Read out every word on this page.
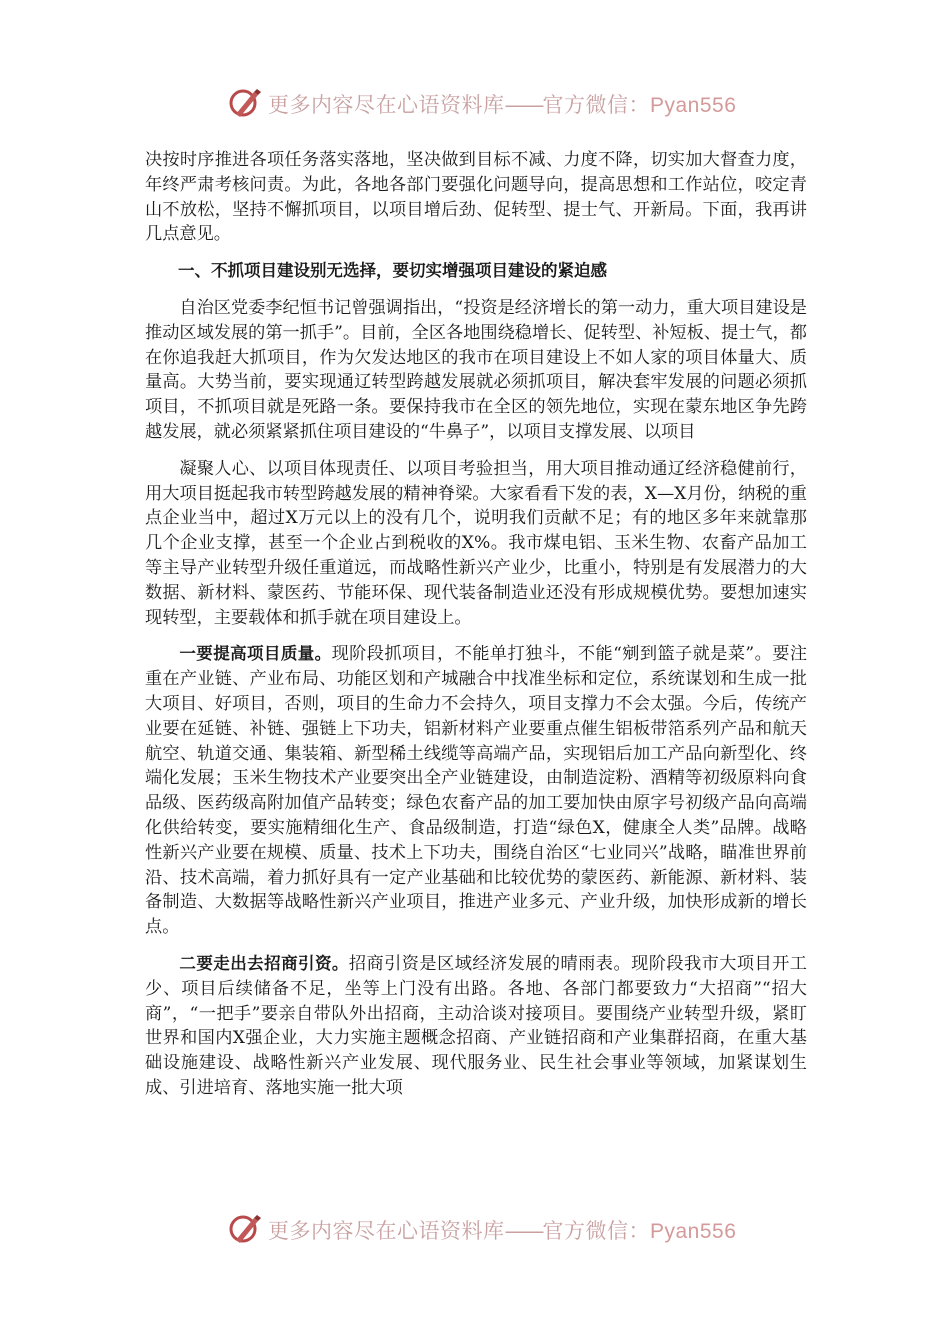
更多内容尽在心语资料库——官方微信：Pyan556

决按时序推进各项任务落实落地，坚决做到目标不减、力度不降，切实加大督查力度，年终严肃考核问责。为此，各地各部门要强化问题导向，提高思想和工作站位，咬定青山不放松，坚持不懈抓项目，以项目增后劲、促转型、提士气、开新局。下面，我再讲几点意见。

一、不抓项目建设别无选择，要切实增强项目建设的紧迫感

自治区党委李纪恒书记曾强调指出，“投资是经济增长的第一动力，重大项目建设是推动区域发展的第一抓手”。目前，全区各地围绕稳增长、促转型、补短板、提士气，都在你追我赶大抓项目，作为欠发达地区的我市在项目建设上不如人家的项目体量大、质量高。大势当前，要实现通辽转型跨越发展就必须抓项目，解决套牢发展的问题必须抓项目，不抓项目就是死路一条。要保持我市在全区的领先地位，实现在蒙东地区争先跨越发展，就必须紧紧抓住项目建设的“牛鼻子”，以项目支撑发展、以项目

凝聚人心、以项目体现责任、以项目考验担当，用大项目推动通辽经济稳健前行，用大项目挺起我市转型跨越发展的精神脊梁。大家看看下发的表，X—X月份，纳税的重点企业当中，超过X万元以上的没有几个，说明我们贡献不足；有的地区多年来就靠那几个企业支撑，甚至一个企业占到税收的X%。我市煤电铝、玉米生物、农畜产品加工等主导产业转型升级任重道远，而战略性新兴产业少，比重小，特别是有发展潜力的大数据、新材料、蒙医药、节能环保、现代装备制造业还没有形成规模优势。要想加速实现转型，主要载体和抓手就在项目建设上。

一要提高项目质量。现阶段抓项目，不能单打独斗，不能“剜到篮子就是菜”。要注重在产业链、产业布局、功能区划和产城融合中找准坐标和定位，系统谋划和生成一批大项目、好项目，否则，项目的生命力不会持久，项目支撑力不会太强。今后，传统产业要在延链、补链、强链上下功夫，铝新材料产业要重点催生铝板带箔系列产品和航天航空、轨道交通、集装箱、新型稀土线缆等高端产品，实现铝后加工产品向新型化、终端化发展；玉米生物技术产业要突出全产业链建设，由制造淀粉、酒精等初级原料向食品级、医药级高附加值产品转变；绿色农畜产品的加工要加快由原字号初级产品向高端化供给转变，要实施精细化生产、食品级制造，打造“绿色X，健康全人类”品牌。战略性新兴产业要在规模、质量、技术上下功夫，围绕自治区“七业同兴”战略，瞄准世界前沿、技术高端，着力抓好具有一定产业基础和比较优势的蒙医药、新能源、新材料、装备制造、大数据等战略性新兴产业项目，推进产业多元、产业升级，加快形成新的增长点。

二要走出去招商引资。招商引资是区域经济发展的晴雨表。现阶段我市大项目开工少、项目后续储备不足，坐等上门没有出路。各地、各部门都要致力“大招商”“招大商”，“一把手”要亲自带队外出招商，主动洽谈对接项目。要围绕产业转型升级，紧盯世界和国内X强企业，大力实施主题概念招商、产业链招商和产业集群招商，在重大基础设施建设、战略性新兴产业发展、现代服务业、民生社会事业等领域，加紧谋划生成、引进培育、落地实施一批大项

更多内容尽在心语资料库——官方微信：Pyan556
